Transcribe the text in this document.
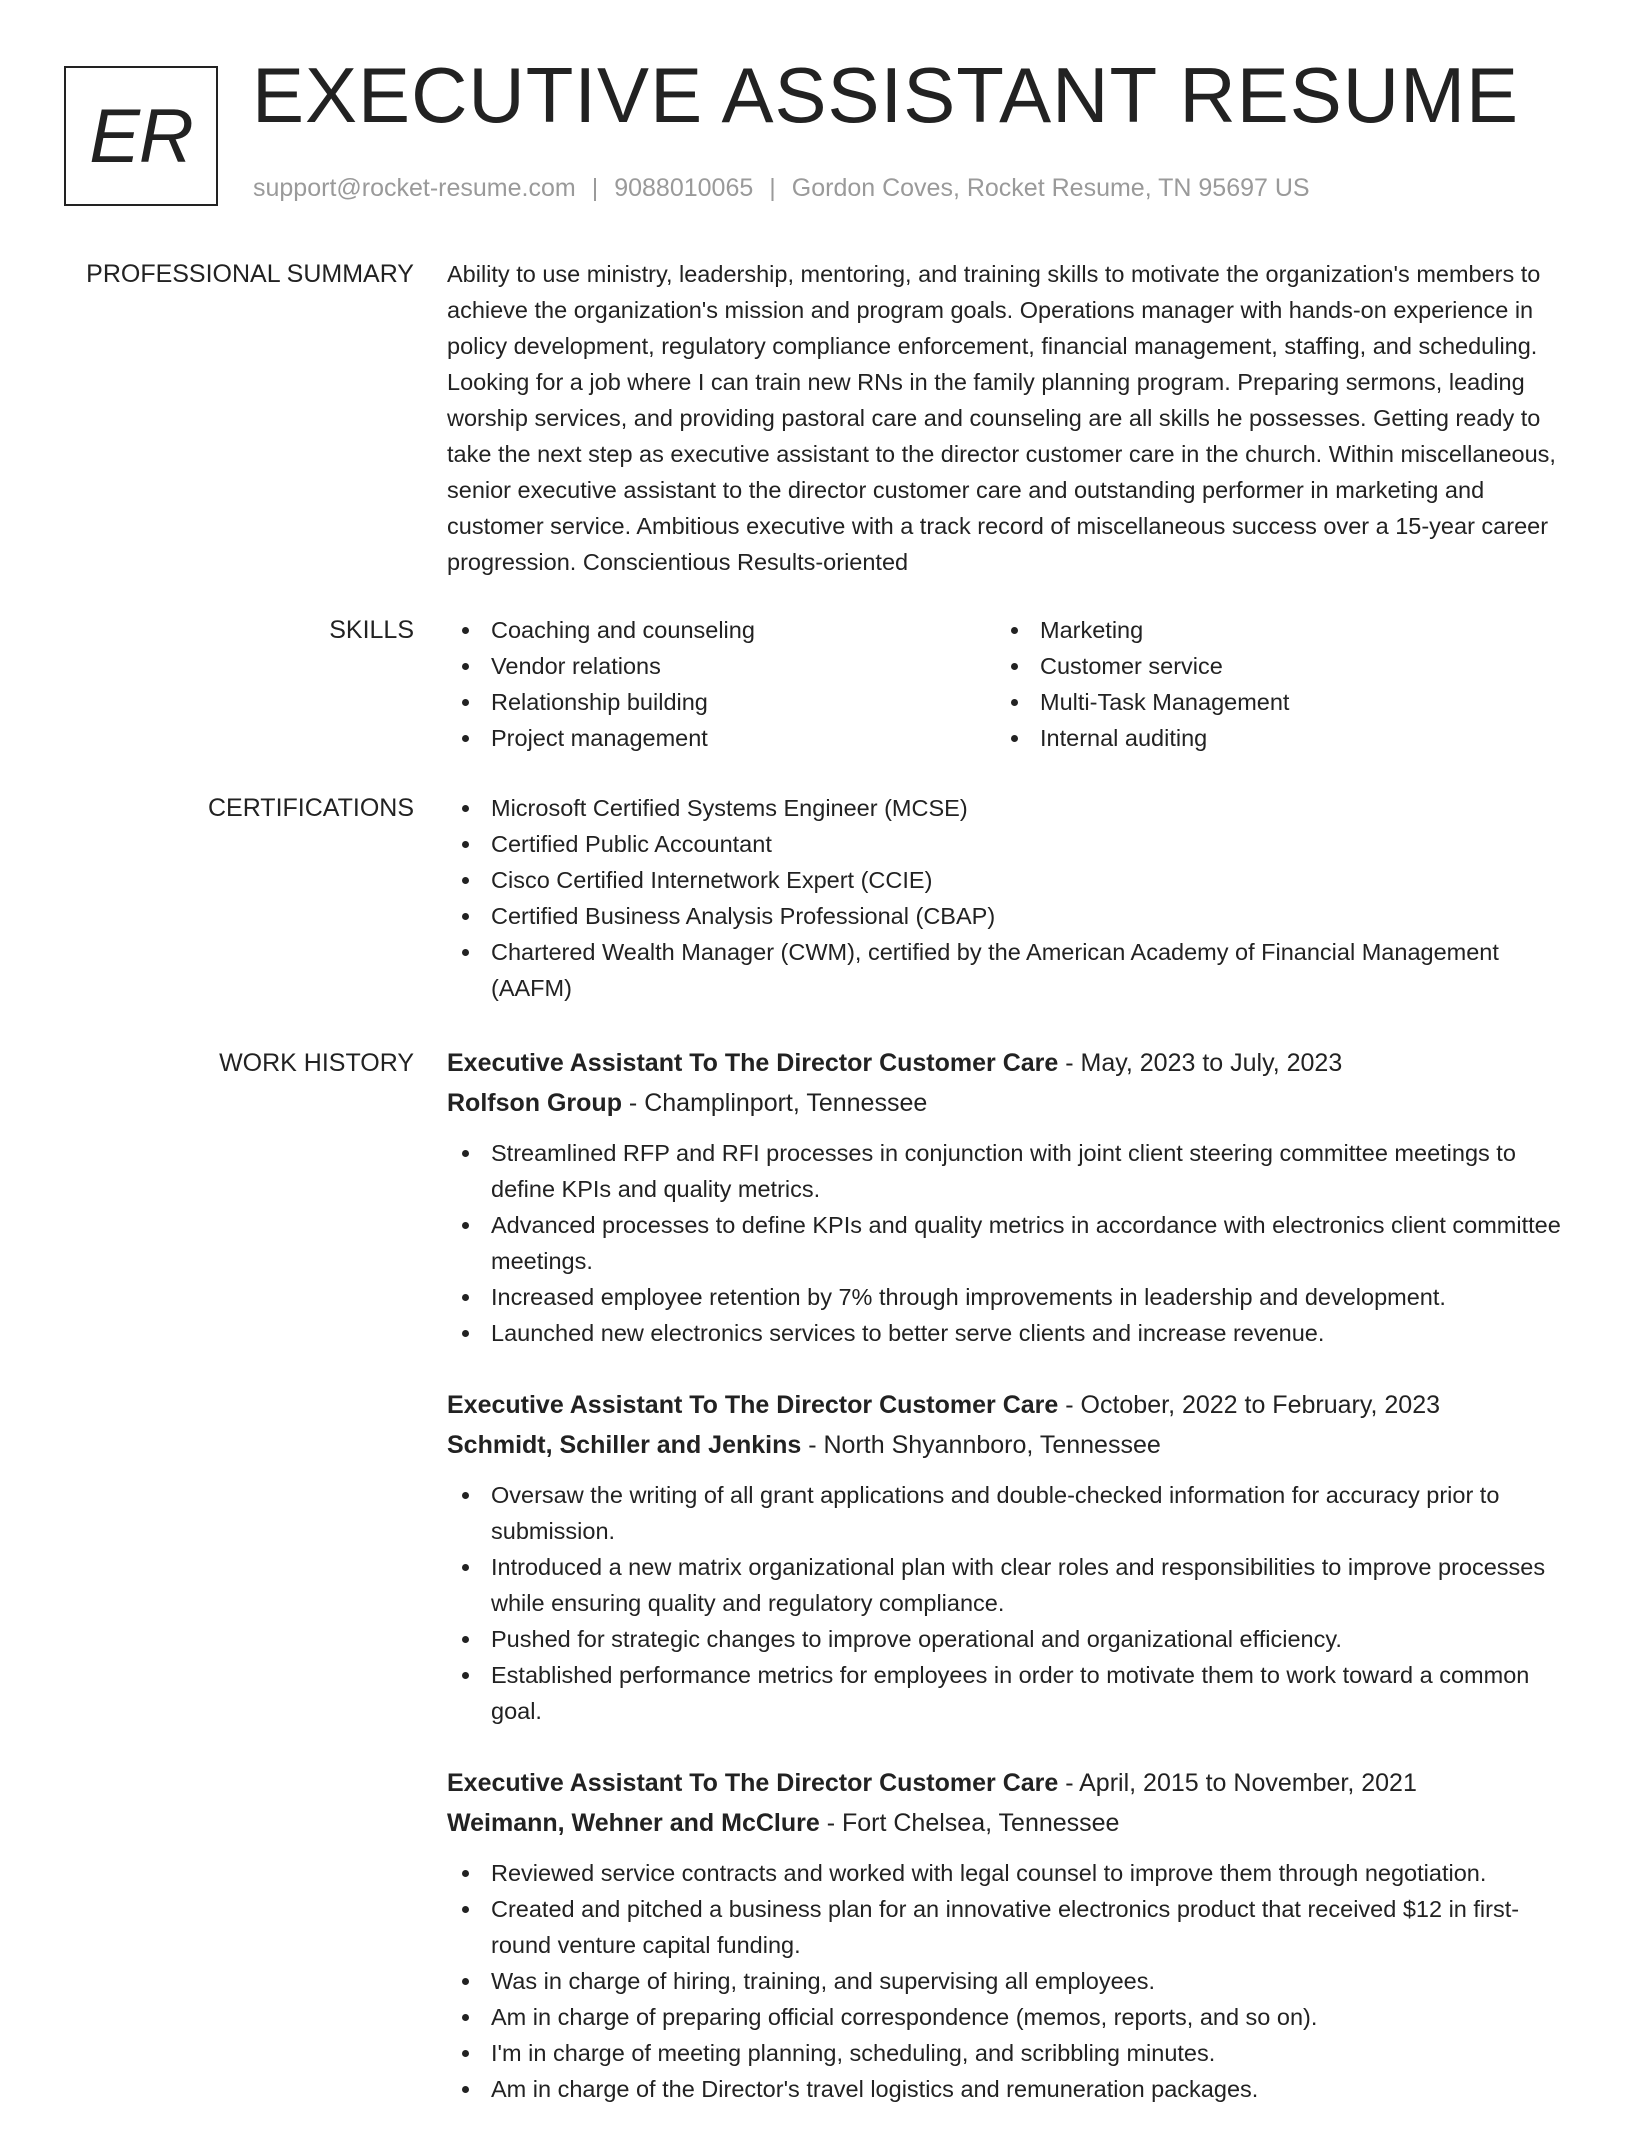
ER EXECUTIVE ASSISTANT RESUME
support@rocket-resume.com | 9088010065 | Gordon Coves, Rocket Resume, TN 95697 US
PROFESSIONAL SUMMARY Ability to use ministry, leadership, mentoring, and training skills to motivate the organization's members to achieve the organization's mission and program goals. Operations manager with hands-on experience in policy development, regulatory compliance enforcement, financial management, staffing, and scheduling. Looking for a job where I can train new RNs in the family planning program. Preparing sermons, leading worship services, and providing pastoral care and counseling are all skills he possesses. Getting ready to take the next step as executive assistant to the director customer care in the church. Within miscellaneous, senior executive assistant to the director customer care and outstanding performer in marketing and customer service. Ambitious executive with a track record of miscellaneous success over a 15-year career progression. Conscientious Results-oriented

SKILLS	Coaching and counseling
Vendor relations
Relationship building
Project management
Marketing
Customer service
Multi-Task Management
Internal auditing
CERTIFICATIONS	Microsoft Certified Systems Engineer (MCSE)
Certified Public Accountant
Cisco Certified Internetwork Expert (CCIE)
Certified Business Analysis Professional (CBAP)
Chartered Wealth Manager (CWM), certified by the American Academy of Financial Management (AAFM)
WORK HISTORY Executive Assistant To The Director Customer Care - May, 2023 to July, 2023
Rolfson Group - Champlinport, Tennessee
Streamlined RFP and RFI processes in conjunction with joint client steering committee meetings to define KPIs and quality metrics.
Advanced processes to define KPIs and quality metrics in accordance with electronics client committee meetings.
Increased employee retention by 7% through improvements in leadership and development.
Launched new electronics services to better serve clients and increase revenue.
Executive Assistant To The Director Customer Care - October, 2022 to February, 2023
Schmidt, Schiller and Jenkins - North Shyannboro, Tennessee
Oversaw the writing of all grant applications and double-checked information for accuracy prior to submission.
Introduced a new matrix organizational plan with clear roles and responsibilities to improve processes while ensuring quality and regulatory compliance.
Pushed for strategic changes to improve operational and organizational efficiency.
Established performance metrics for employees in order to motivate them to work toward a common goal.
Executive Assistant To The Director Customer Care - April, 2015 to November, 2021
Weimann, Wehner and McClure - Fort Chelsea, Tennessee
Reviewed service contracts and worked with legal counsel to improve them through negotiation.
Created and pitched a business plan for an innovative electronics product that received $12 in first-round venture capital funding.
Was in charge of hiring, training, and supervising all employees.
Am in charge of preparing official correspondence (memos, reports, and so on).
I'm in charge of meeting planning, scheduling, and scribbling minutes.
Am in charge of the Director's travel logistics and remuneration packages.
